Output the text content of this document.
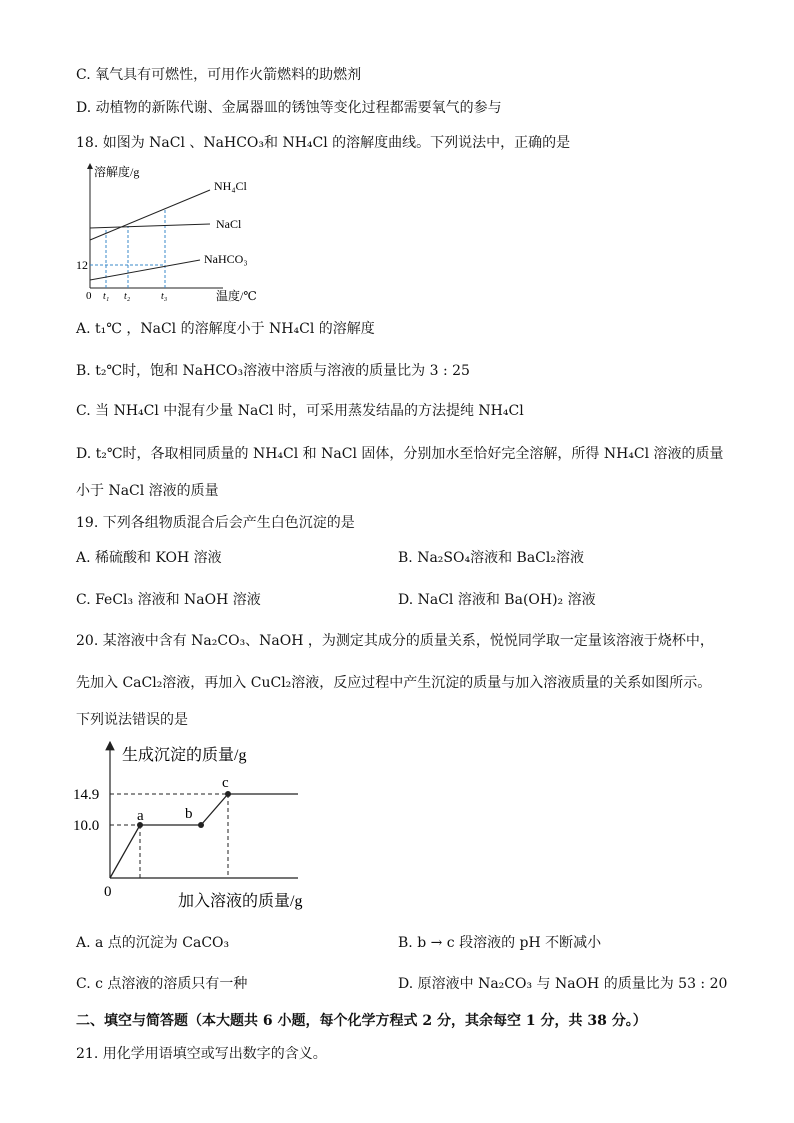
C. 氧气具有可燃性，可用作火箭燃料的助燃剂
D. 动植物的新陈代谢、金属器皿的锈蚀等变化过程都需要氧气的参与
18. 如图为 NaCl 、NaHCO₃和 NH₄Cl 的溶解度曲线。下列说法中，正确的是
溶解度/g
温度/℃
0
12
t₁ t₂	t₃
NH₄Cl
NaCl
NaHCO₃
A. t₁℃ ，NaCl 的溶解度小于 NH₄Cl 的溶解度
B. t₂℃时，饱和 NaHCO₃溶液中溶质与溶液的质量比为 3 : 25
C. 当 NH₄Cl 中混有少量 NaCl 时，可采用蒸发结晶的方法提纯 NH₄Cl
D. t₂℃时，各取相同质量的 NH₄Cl 和 NaCl 固体，分别加水至恰好完全溶解，所得 NH₄Cl 溶液的质量
小于 NaCl 溶液的质量
19. 下列各组物质混合后会产生白色沉淀的是
A. 稀硫酸和 KOH 溶液	B. Na₂SO₄溶液和 BaCl₂溶液
C. FeCl₃ 溶液和 NaOH 溶液	D. NaCl 溶液和 Ba(OH)₂ 溶液
20. 某溶液中含有 Na₂CO₃、NaOH ，为测定其成分的质量关系，悦悦同学取一定量该溶液于烧杯中，
先加入 CaCl₂溶液，再加入 CuCl₂溶液，反应过程中产生沉淀的质量与加入溶液质量的关系如图所示。
下列说法错误的是
a	b
c
生成沉淀的质量/g
加入溶液的质量/g
0
14.9
10.0
A. a 点的沉淀为 CaCO₃	B. b → c 段溶液的 pH 不断减小
C. c 点溶液的溶质只有一种	D. 原溶液中 Na₂CO₃ 与 NaOH 的质量比为 53 : 20
二、填空与简答题（本大题共 6 小题，每个化学方程式 2 分，其余每空 1 分，共 38 分。）
21. 用化学用语填空或写出数字的含义。
